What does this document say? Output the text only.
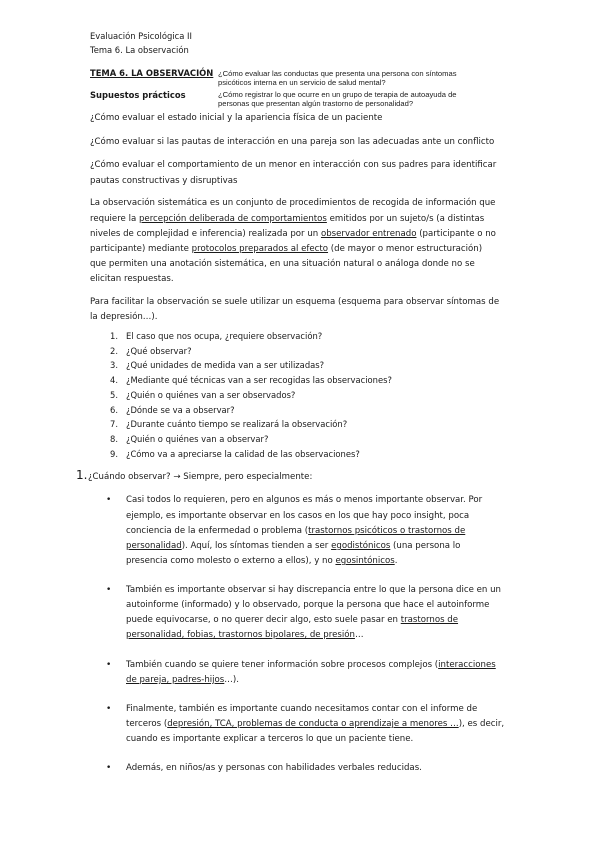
Evaluación Psicológica II
Tema 6. La observación
TEMA 6. LA OBSERVACIÓN ¿Cómo evaluar las conductas que presenta una persona con síntomas
psicóticos interna en un servicio de salud mental?
Supuestos prácticos	¿Cómo registrar lo que ocurre en un grupo de terapia de autoayuda de
personas que presentan algún trastorno de personalidad?
¿Cómo evaluar el estado inicial y la apariencia física de un paciente
¿Cómo evaluar si las pautas de interacción en una pareja son las adecuadas ante un conflicto
¿Cómo evaluar el comportamiento de un menor en interacción con sus padres para identificar
pautas constructivas y disruptivas
La observación sistemática es un conjunto de procedimientos de recogida de información que
requiere la percepción deliberada de comportamientos emitidos por un sujeto/s (a distintas
niveles de complejidad e inferencia) realizada por un observador entrenado (participante o no
participante) mediante protocolos preparados al efecto (de mayor o menor estructuración)
que permiten una anotación sistemática, en una situación natural o análoga donde no se
elicitan respuestas.
Para facilitar la observación se suele utilizar un esquema (esquema para observar síntomas de
la depresión…).
1. El caso que nos ocupa, ¿requiere observación?
2. ¿Qué observar?
3. ¿Qué unidades de medida van a ser utilizadas?
4. ¿Mediante qué técnicas van a ser recogidas las observaciones?
5. ¿Quién o quiénes van a ser observados?
6. ¿Dónde se va a observar?
7. ¿Durante cuánto tiempo se realizará la observación?
8. ¿Quién o quiénes van a observar?
9. ¿Cómo va a apreciarse la calidad de las observaciones?
1. ¿Cuándo observar? → Siempre, pero especialmente:
• Casi todos lo requieren, pero en algunos es más o menos importante observar. Por
ejemplo, es importante observar en los casos en los que hay poco insight, poca
conciencia de la enfermedad o problema (trastornos psicóticos o trastornos de
personalidad). Aquí, los síntomas tienden a ser egodistónicos (una persona lo
presencia como molesto o externo a ellos), y no egosintónicos.
• También es importante observar si hay discrepancia entre lo que la persona dice en un
autoinforme (informado) y lo observado, porque la persona que hace el autoinforme
puede equivocarse, o no querer decir algo, esto suele pasar en trastornos de
personalidad, fobias, trastornos bipolares, de presión…
• También cuando se quiere tener información sobre procesos complejos (interacciones
de pareja, padres-hijos…).
• Finalmente, también es importante cuando necesitamos contar con el informe de
terceros (depresión, TCA, problemas de conducta o aprendizaje a menores …), es decir,
cuando es importante explicar a terceros lo que un paciente tiene.
• Además, en niños/as y personas con habilidades verbales reducidas.
